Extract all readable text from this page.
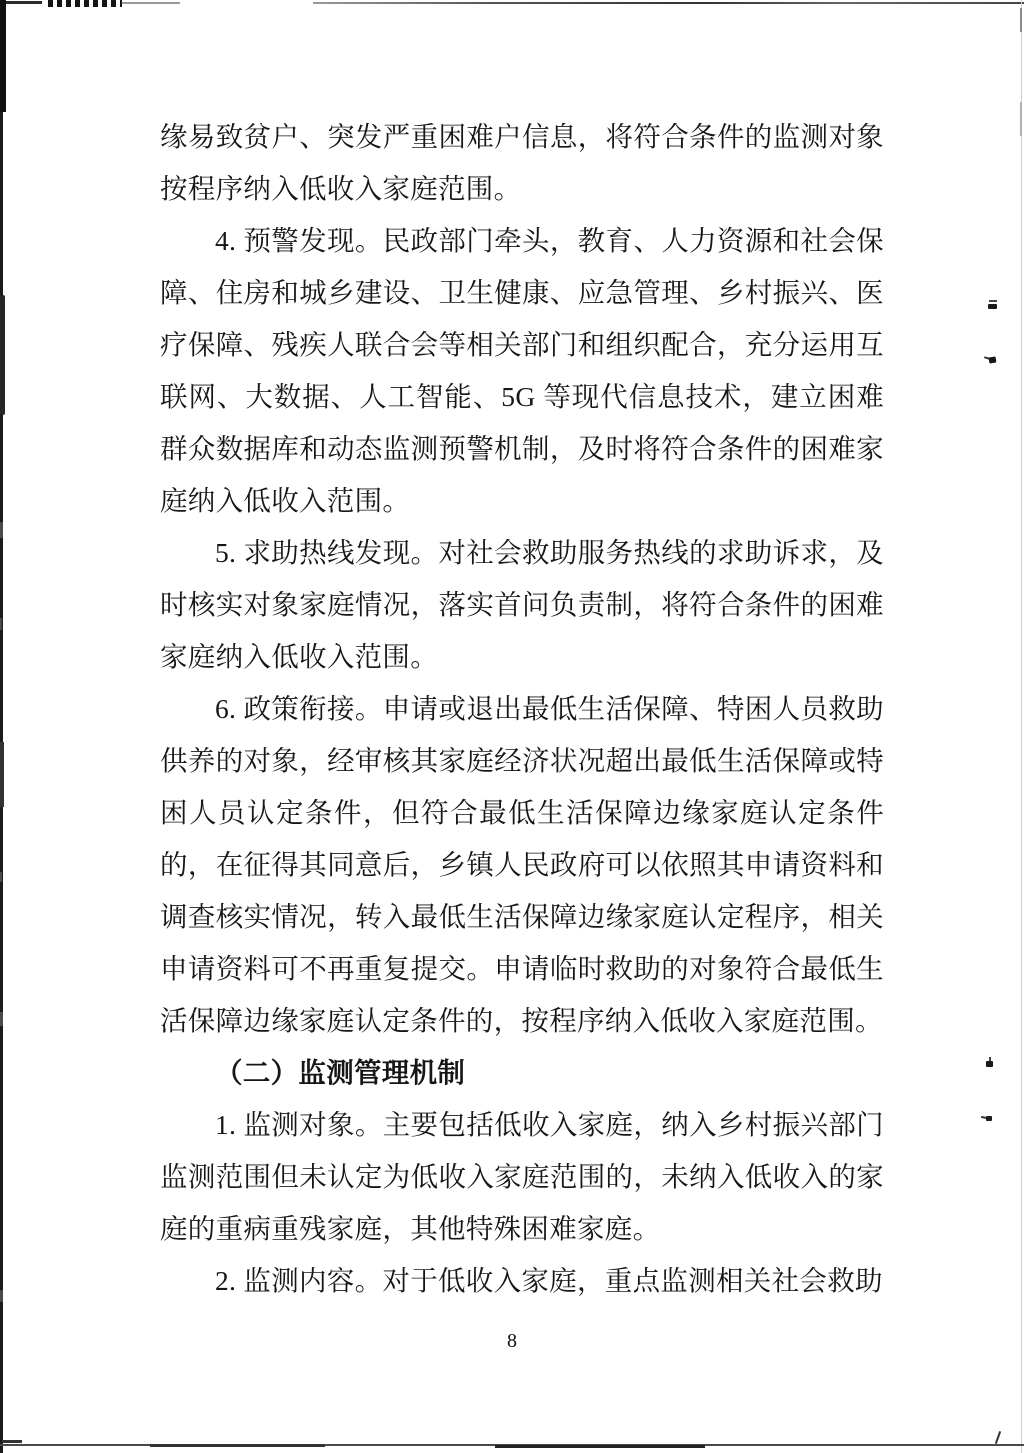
缘易致贫户、突发严重困难户信息，将符合条件的监测对象按程序纳入低收入家庭范围。

4. 预警发现。民政部门牵头，教育、人力资源和社会保障、住房和城乡建设、卫生健康、应急管理、乡村振兴、医疗保障、残疾人联合会等相关部门和组织配合，充分运用互联网、大数据、人工智能、5G 等现代信息技术，建立困难群众数据库和动态监测预警机制，及时将符合条件的困难家庭纳入低收入范围。

5. 求助热线发现。对社会救助服务热线的求助诉求，及时核实对象家庭情况，落实首问负责制，将符合条件的困难家庭纳入低收入范围。

6. 政策衔接。申请或退出最低生活保障、特困人员救助供养的对象，经审核其家庭经济状况超出最低生活保障或特困人员认定条件，但符合最低生活保障边缘家庭认定条件的，在征得其同意后，乡镇人民政府可以依照其申请资料和调查核实情况，转入最低生活保障边缘家庭认定程序，相关申请资料可不再重复提交。申请临时救助的对象符合最低生活保障边缘家庭认定条件的，按程序纳入低收入家庭范围。

（二）监测管理机制

1. 监测对象。主要包括低收入家庭，纳入乡村振兴部门监测范围但未认定为低收入家庭范围的，未纳入低收入的家庭的重病重残家庭，其他特殊困难家庭。

2. 监测内容。对于低收入家庭，重点监测相关社会救助

8
